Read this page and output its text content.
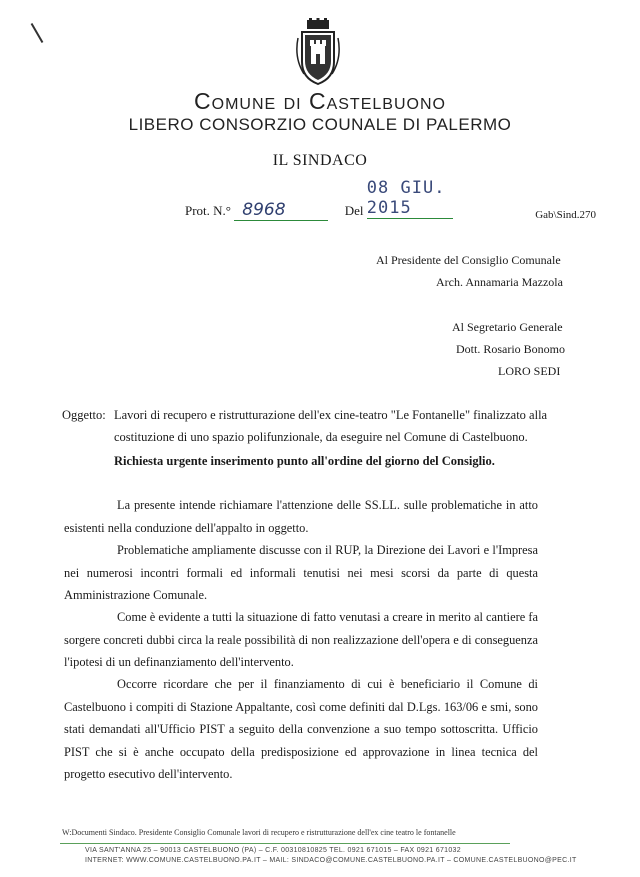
Comune di Castelbuono
LIBERO CONSORZIO COUNALE DI PALERMO
IL SINDACO
Prot. N.° 8968	Del 08 GIU. 2015	Gab\Sind.270
Al Presidente del Consiglio Comunale
Arch. Annamaria Mazzola
Al Segretario Generale
Dott. Rosario Bonomo
LORO SEDI
Oggetto: Lavori di recupero e ristrutturazione dell'ex cine-teatro "Le Fontanelle" finalizzato alla
costituzione di uno spazio polifunzionale, da eseguire nel Comune di Castelbuono.
Richiesta urgente inserimento punto all'ordine del giorno del Consiglio.
La presente intende richiamare l'attenzione delle SS.LL. sulle problematiche in atto esistenti nella conduzione dell'appalto in oggetto.
Problematiche ampliamente discusse con il RUP, la Direzione dei Lavori e l'Impresa nei numerosi incontri formali ed informali tenutisi nei mesi scorsi da parte di questa Amministrazione Comunale.
Come è evidente a tutti la situazione di fatto venutasi a creare in merito al cantiere fa sorgere concreti dubbi circa la reale possibilità di non realizzazione dell'opera e di conseguenza l'ipotesi di un definanziamento dell'intervento.
Occorre ricordare che per il finanziamento di cui è beneficiario il Comune di Castelbuono i compiti di Stazione Appaltante, così come definiti dal D.Lgs. 163/06 e smi, sono stati demandati all'Ufficio PIST a seguito della convenzione a suo tempo sottoscritta. Ufficio PIST che si è anche occupato della predisposizione ed approvazione in linea tecnica del progetto esecutivo dell'intervento.
W:Documenti Sindaco. Presidente Consiglio Comunale lavori di recupero e ristrutturazione dell'ex cine teatro le fontanelle
VIA SANT'ANNA 25 – 90013 CASTELBUONO (PA) – C.F. 00310810825 TEL. 0921 671015 – FAX 0921 671032
INTERNET: WWW.COMUNE.CASTELBUONO.PA.IT – MAIL: SINDACO@COMUNE.CASTELBUONO.PA.IT – COMUNE.CASTELBUONO@PEC.IT
